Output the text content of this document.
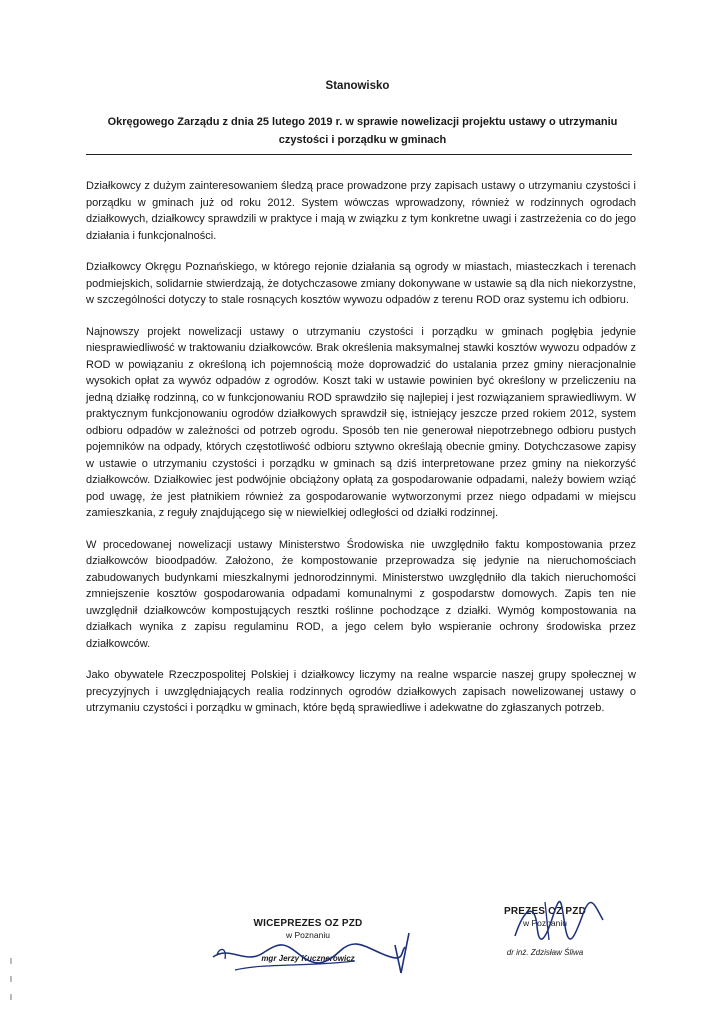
Stanowisko
Okręgowego Zarządu z dnia 25 lutego 2019 r. w sprawie nowelizacji projektu ustawy o utrzymaniu
czystości i porządku w gminach

Działkowcy z dużym zainteresowaniem śledzą prace prowadzone przy zapisach ustawy o utrzymaniu czystości i porządku w gminach już od roku 2012. System wówczas wprowadzony, również w rodzinnych ogrodach działkowych, działkowcy sprawdzili w praktyce i mają w związku z tym konkretne uwagi i zastrzeżenia co do jego działania i funkcjonalności.

Działkowcy Okręgu Poznańskiego, w którego rejonie działania są ogrody w miastach, miasteczkach i terenach podmiejskich, solidarnie stwierdzają, że dotychczasowe zmiany dokonywane w ustawie są dla nich niekorzystne, w szczególności dotyczy to stale rosnących kosztów wywozu odpadów z terenu ROD oraz systemu ich odbioru.

Najnowszy projekt nowelizacji ustawy o utrzymaniu czystości i porządku w gminach pogłębia jedynie niesprawiedliwość w traktowaniu działkowców. Brak określenia maksymalnej stawki kosztów wywozu odpadów z ROD w powiązaniu z określoną ich pojemnością może doprowadzić do ustalania przez gminy nieracjonalnie wysokich opłat za wywóz odpadów z ogrodów. Koszt taki w ustawie powinien być określony w przeliczeniu na jedną działkę rodzinną, co w funkcjonowaniu ROD sprawdziło się najlepiej i jest rozwiązaniem sprawiedliwym. W praktycznym funkcjonowaniu ogrodów działkowych sprawdził się, istniejący jeszcze przed rokiem 2012, system odbioru odpadów w zależności od potrzeb ogrodu. Sposób ten nie generował niepotrzebnego odbioru pustych pojemników na odpady, których częstotliwość odbioru sztywno określają obecnie gminy. Dotychczasowe zapisy w ustawie o utrzymaniu czystości i porządku w gminach są dziś interpretowane przez gminy na niekorzyść działkowców. Działkowiec jest podwójnie obciążony opłatą za gospodarowanie odpadami, należy bowiem wziąć pod uwagę, że jest płatnikiem również za gospodarowanie wytworzonymi przez niego odpadami w miejscu zamieszkania, z reguły znajdującego się w niewielkiej odległości od działki rodzinnej.

W procedowanej nowelizacji ustawy Ministerstwo Środowiska nie uwzględniło faktu kompostowania przez działkowców bioodpadów. Założono, że kompostowanie przeprowadza się jedynie na nieruchomościach zabudowanych budynkami mieszkalnymi jednorodzinnymi. Ministerstwo uwzględniło dla takich nieruchomości zmniejszenie kosztów gospodarowania odpadami komunalnymi z gospodarstw domowych. Zapis ten nie uwzględnił działkowców kompostujących resztki roślinne pochodzące z działki. Wymóg kompostowania na działkach wynika z zapisu regulaminu ROD, a jego celem było wspieranie ochrony środowiska przez działkowców.

Jako obywatele Rzeczpospolitej Polskiej i działkowcy liczymy na realne wsparcie naszej grupy społecznej w precyzyjnych i uwzględniających realia rodzinnych ogrodów działkowych zapisach nowelizowanej ustawy o utrzymaniu czystości i porządku w gminach, które będą sprawiedliwe i adekwatne do zgłaszanych potrzeb.

WICEPREZES OZ PZD
w Poznaniu
mgr Jerzy Kucznerowicz
PREZES OZ PZD
w Poznaniu
dr inż. Zdzisław Śliwa
